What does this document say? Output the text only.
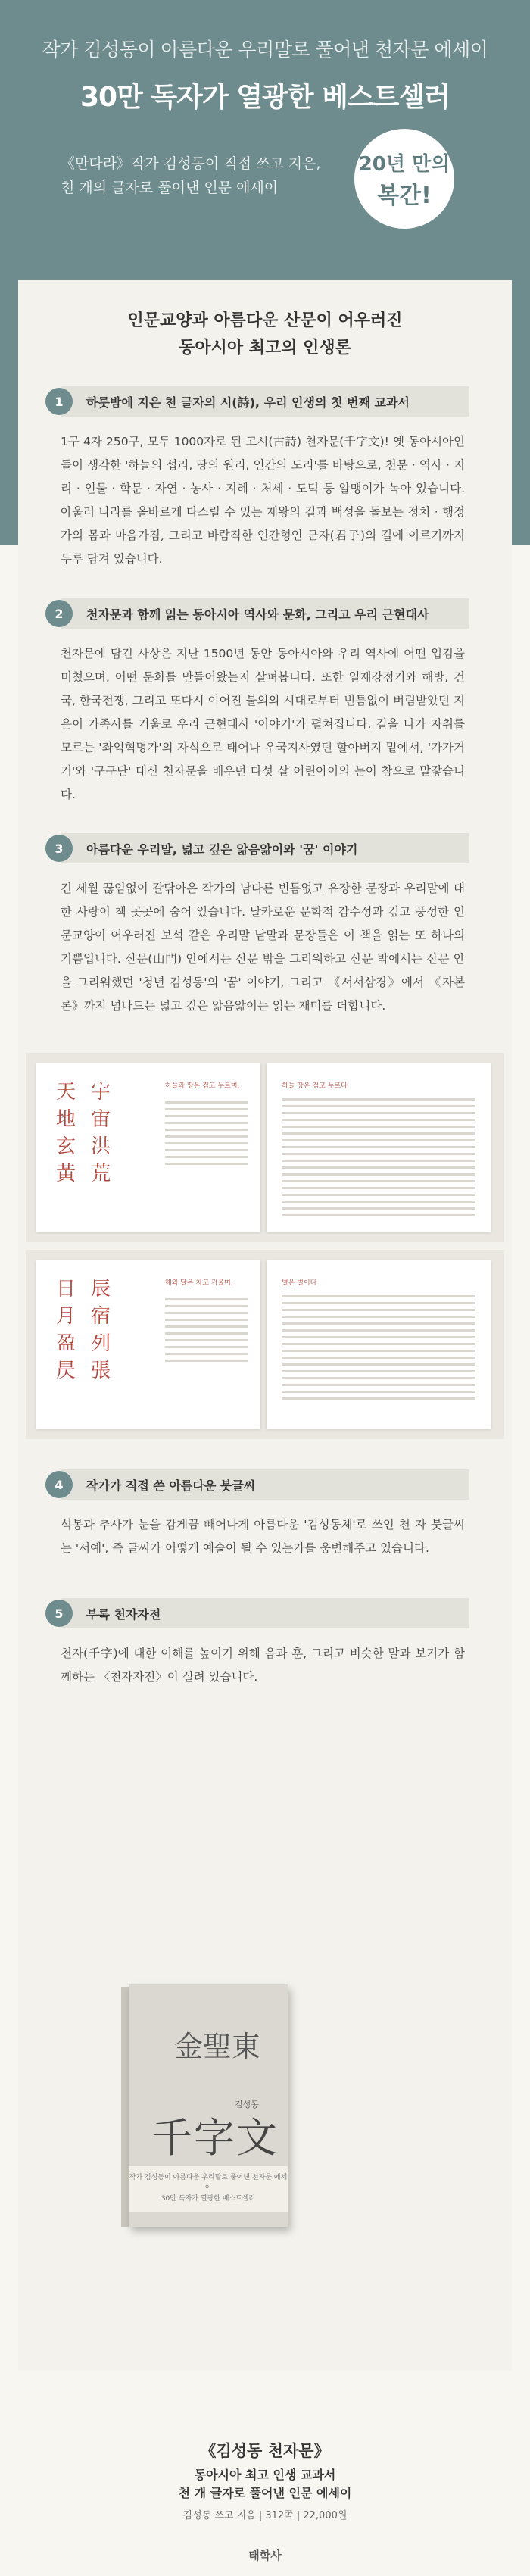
작가 김성동이 아름다운 우리말로 풀어낸 천자문 에세이
30만 독자가 열광한 베스트셀러
《만다라》작가 김성동이 직접 쓰고 지은,
천 개의 글자로 풀어낸 인문 에세이
20년 만의
복간!
인문교양과 아름다운 산문이 어우러진
동아시아 최고의 인생론
1	하룻밤에 지은 천 글자의 시(詩), 우리 인생의 첫 번째 교과서
1구 4자 250구, 모두 1000자로 된 고시(古詩) 천자문(千字文)! 옛 동아시아인들이 생각한 '하늘의 섭리, 땅의 원리, 인간의 도리'를 바탕으로, 천문 · 역사 · 지리 · 인물 · 학문 · 자연 · 농사 · 지혜 · 처세 · 도덕 등 알맹이가 녹아 있습니다. 아울러 나라를 올바르게 다스릴 수 있는 제왕의 길과 백성을 돌보는 정치 · 행정가의 몸과 마음가짐, 그리고 바람직한 인간형인 군자(君子)의 길에 이르기까지 두루 담겨 있습니다.
2	천자문과 함께 읽는 동아시아 역사와 문화, 그리고 우리 근현대사
천자문에 담긴 사상은 지난 1500년 동안 동아시아와 우리 역사에 어떤 입김을 미쳤으며, 어떤 문화를 만들어왔는지 살펴봅니다. 또한 일제강점기와 해방, 건국, 한국전쟁, 그리고 또다시 이어진 불의의 시대로부터 빈틈없이 버림받았던 지은이 가족사를 거울로 우리 근현대사 '이야기'가 펼쳐집니다. 길을 나가 자취를 모르는 '좌익혁명가'의 자식으로 태어나 우국지사였던 할아버지 밑에서, '가가거거'와 '구구단' 대신 천자문을 배우던 다섯 살 어린아이의 눈이 참으로 말갛습니다.
3	아름다운 우리말, 넓고 깊은 앎음앎이와 '꿈' 이야기
긴 세월 끊임없이 갈닦아온 작가의 남다른 빈틈없고 유장한 문장과 우리말에 대한 사랑이 책 곳곳에 숨어 있습니다. 날카로운 문학적 감수성과 깊고 풍성한 인문교양이 어우러진 보석 같은 우리말 낱말과 문장들은 이 책을 읽는 또 하나의 기쁨입니다. 산문(山門) 안에서는 산문 밖을 그리워하고 산문 밖에서는 산문 안을 그리워했던 '청년 김성동'의 '꿈' 이야기, 그리고 《서서삼경》에서 《자본론》까지 넘나드는 넓고 깊은 앎음앎이는 읽는 재미를 더합니다.
宇
宙
洪
荒
天
地
玄
黃
하늘과 땅은 검고 누르며,	하늘 땅은 검고 누르다
辰
宿
列
張
日
月
盈
昃
해와 달은 차고 기울며,	별은 벌이다
4	작가가 직접 쓴 아름다운 붓글씨
석봉과 추사가 눈을 감게끔 빼어나게 아름다운 '김성동체'로 쓰인 천 자 붓글씨는 '서예', 즉 글씨가 어떻게 예술이 될 수 있는가를 웅변해주고 있습니다.
5	부록 천자자전
천자(千字)에 대한 이해를 높이기 위해 음과 훈, 그리고 비슷한 말과 보기가 함께하는 〈천자자전〉이 실려 있습니다.
金聖東
김성동
千字文
작가 김성동이 아름다운 우리말로 풀어낸 천자문 에세이
30만 독자가 열광한 베스트셀러
《김성동 천자문》
동아시아 최고 인생 교과서
천 개 글자로 풀어낸 인문 에세이
김성동 쓰고 지음 | 312쪽 | 22,000원
태학사
